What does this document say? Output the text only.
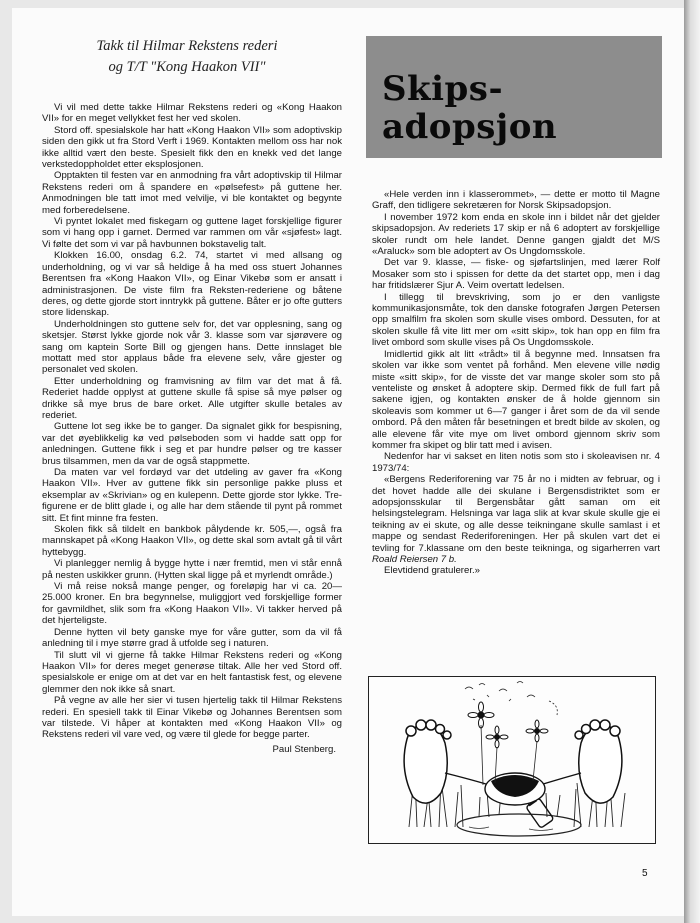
Takk til Hilmar Rekstens rederi
og T/T "Kong Haakon VII"

Vi vil med dette takke Hilmar Rekstens rederi og «Kong Haakon VII» for en meget vellykket fest her ved skolen.

Stord off. spesialskole har hatt «Kong Haakon VII» som adoptivskip siden den gikk ut fra Stord Verft i 1969. Kontakten mellom oss har nok ikke alltid vært den beste. Spesielt fikk den en knekk ved det lange verkstedoppholdet etter eksplosjonen.

Opptakten til festen var en anmodning fra vårt adoptivskip til Hilmar Rekstens rederi om å spandere en «pølsefest» på guttene her. Anmodningen ble tatt imot med velvilje, vi ble kontaktet og begynte med forberedelsene.

Vi pyntet lokalet med fiskegarn og guttene laget forskjellige figurer som vi hang opp i garnet. Dermed var rammen om vår «sjøfest» lagt. Vi følte det som vi var på havbunnen bokstavelig talt.

Klokken 16.00, onsdag 6.2. 74, startet vi med allsang og underholdning, og vi var så heldige å ha med oss stuert Johannes Berentsen fra «Kong Haakon VII», og Einar Vikebø som er ansatt i administrasjonen. De viste film fra Reksten-rederiene og båtene deres, og dette gjorde stort inntrykk på guttene. Båter er jo ofte gutters store lidenskap.

Underholdningen sto guttene selv for, det var opplesning, sang og sketsjer. Størst lykke gjorde nok vår 3. klasse som var sjørøvere og sang om kaptein Sorte Bill og gjengen hans. Dette innslaget ble mottatt med stor applaus både fra elevene selv, våre gjester og personalet ved skolen.

Etter underholdning og framvisning av film var det mat å få. Rederiet hadde opplyst at guttene skulle få spise så mye pølser og drikke så mye brus de bare orket. Alle utgifter skulle betales av rederiet.

Guttene lot seg ikke be to ganger. Da signalet gikk for bespisning, var det øyeblikkelig kø ved pølseboden som vi hadde satt opp for anledningen. Guttene fikk i seg et par hundre pølser og tre kasser brus tilsammen, men da var de også stappmette.

Da maten var vel fordøyd var det utdeling av gaver fra «Kong Haakon VII». Hver av guttene fikk sin personlige pakke pluss et eksemplar av «Skrivian» og en kulepenn. Dette gjorde stor lykke. Tre-figurene er de blitt glade i, og alle har dem stående til pynt på rommet sitt. Et fint minne fra festen.

Skolen fikk så tildelt en bankbok pålydende kr. 505,—, også fra mannskapet på «Kong Haakon VII», og dette skal som avtalt gå til vårt hyttebygg.

Vi planlegger nemlig å bygge hytte i nær fremtid, men vi står ennå på nesten uskikker grunn. (Hytten skal ligge på et myrlendt område.)

Vi må reise nokså mange penger, og foreløpig har vi ca. 20—25.000 kroner. En bra begynnelse, muliggjort ved forskjellige former for gavmildhet, slik som fra «Kong Haakon VII». Vi takker herved på det hjerteligste.

Denne hytten vil bety ganske mye for våre gutter, som da vil få anledning til i mye større grad å utfolde seg i naturen.

Til slutt vil vi gjerne få takke Hilmar Rekstens rederi og «Kong Haakon VII» for deres meget generøse tiltak. Alle her ved Stord off. spesialskole er enige om at det var en helt fantastisk fest, og elevene glemmer den nok ikke så snart.

På vegne av alle her sier vi tusen hjertelig takk til Hilmar Rekstens rederi. En spesiell takk til Einar Vikebø og Johannes Berentsen som var tilstede. Vi håper at kontakten med «Kong Haakon VII» og Rekstens rederi vil vare ved, og være til glede for begge parter.

Paul Stenberg.
Skips-
adopsjon

«Hele verden inn i klasserommet», — dette er motto til Magne Graff, den tidligere sekretæren for Norsk Skipsadopsjon.

I november 1972 kom enda en skole inn i bildet når det gjelder skipsadopsjon. Av rederiets 17 skip er nå 6 adoptert av forskjellige skoler rundt om hele landet. Denne gangen gjaldt det M/S «Araluck» som ble adoptert av Os Ungdomsskole.

Det var 9. klasse, — fiske- og sjøfartslinjen, med lærer Rolf Mosaker som sto i spissen for dette da det startet opp, men i dag har fritidslærer Sjur A. Veim overtatt ledelsen.

I tillegg til brevskriving, som jo er den vanligste kommunikasjonsmåte, tok den danske fotografen Jørgen Petersen opp smalfilm fra skolen som skulle vises ombord. Dessuten, for at skolen skulle få vite litt mer om «sitt skip», tok han opp en film fra livet ombord som skulle vises på Os Ungdomsskole.

Imidlertid gikk alt litt «trådt» til å begynne med. Innsatsen fra skolen var ikke som ventet på forhånd. Men elevene ville nødig miste «sitt skip», for de visste det var mange skoler som sto på venteliste og ønsket å adoptere skip. Dermed fikk de full fart på sakene igjen, og kontakten ønsker de å holde gjennom sin skoleavis som kommer ut 6—7 ganger i året som de da vil sende ombord. På den måten får besetningen et bredt bilde av skolen, og alle elevene får vite mye om livet ombord gjennom skriv som kommer fra skipet og blir tatt med i avisen.

Nedenfor har vi sakset en liten notis som sto i skoleavisen nr. 4 1973/74:

«Bergens Rederiforening var 75 år no i midten av februar, og i det hovet hadde alle dei skulane i Bergensdistriktet som er adopsjonsskular til Bergensbåtar gått saman om eit helsingstelegram. Helsninga var laga slik at kvar skule skulle gje ei teikning av ei skute, og alle desse teikningane skulle samlast i et mappe og sendast Rederiforeningen. Her på skulen vart det ei tevling for 7.klassane om den beste teikninga, og sigarherren vart Roald Reiersen 7 b.

Elevtidend gratulerer.»

5
